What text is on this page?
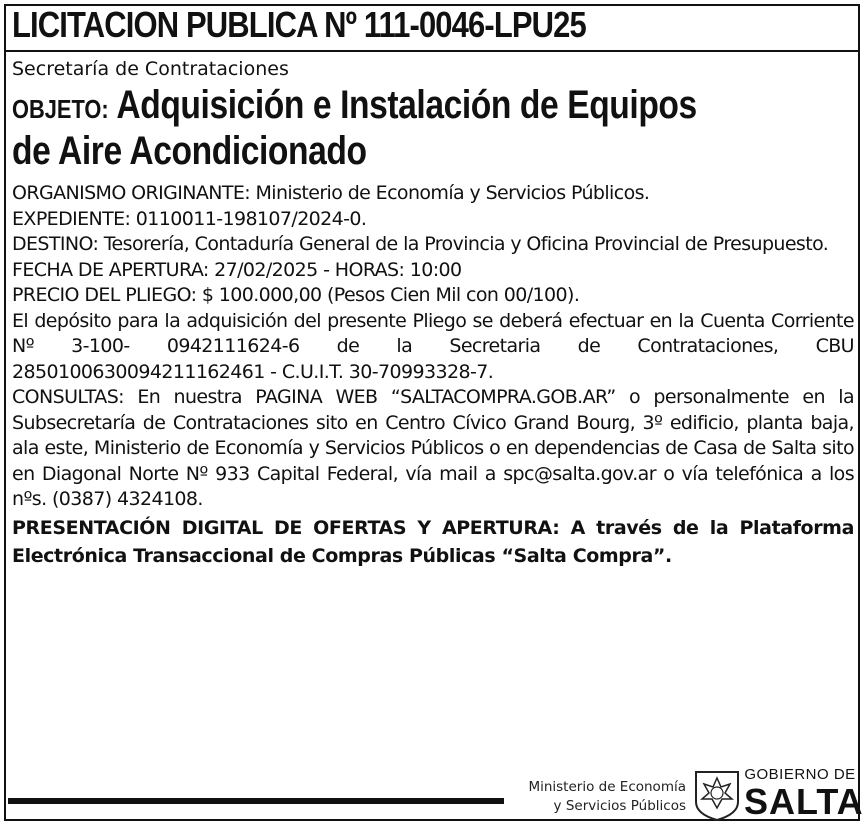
LICITACION PUBLICA Nº 111-0046-LPU25
Secretaría de Contrataciones
OBJETO: Adquisición e Instalación de Equipos de Aire Acondicionado

ORGANISMO ORIGINANTE: Ministerio de Economía y Servicios Públicos.

EXPEDIENTE: 0110011-198107/2024-0.

DESTINO: Tesorería, Contaduría General de la Provincia y Oficina Provincial de Presupuesto.

FECHA DE APERTURA: 27/02/2025 - HORAS: 10:00

PRECIO DEL PLIEGO: $ 100.000,00 (Pesos Cien Mil con 00/100).

El depósito para la adquisición del presente Pliego se deberá efectuar en la Cuenta Corriente Nº 3-100- 0942111624-6 de la Secretaria de Contrataciones, CBU 2850100630094211162461 - C.U.I.T. 30-70993328-7.

CONSULTAS: En nuestra PAGINA WEB “SALTACOMPRA.GOB.AR” o personalmente en la Subsecretaría de Contrataciones sito en Centro Cívico Grand Bourg, 3º edificio, planta baja, ala este, Ministerio de Economía y Servicios Públicos o en dependencias de Casa de Salta sito en Diagonal Norte Nº 933 Capital Federal, vía mail a spc@salta.gov.ar o vía telefónica a los nºs. (0387) 4324108.

PRESENTACIÓN DIGITAL DE OFERTAS Y APERTURA: A través de la Plataforma Electrónica Transaccional de Compras Públicas “Salta Compra”.

Ministerio de Economía
y Servicios Públicos
GOBIERNO DE
SALTA
